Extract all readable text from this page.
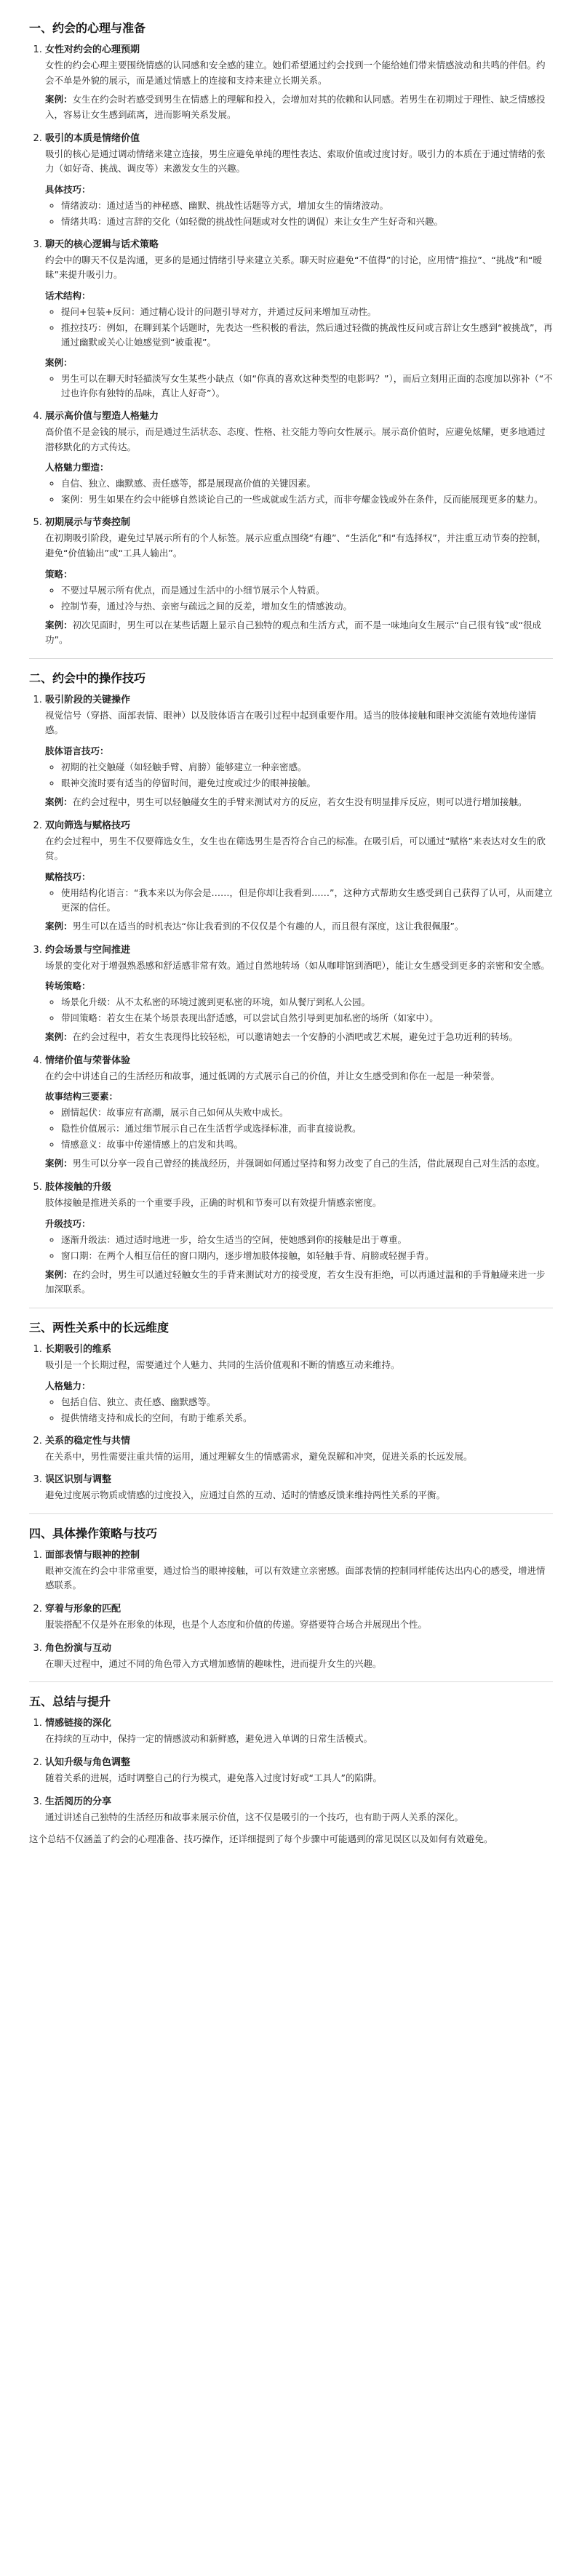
一、约会的心理与准备
1. 女性对约会的心理预期
女性的约会心理主要围绕情感的认同感和安全感的建立。她们希望通过约会找到一个能给她们带来情感波动和共鸣的伴侣。约会不单是外貌的展示，而是通过情感上的连接和支持来建立长期关系。
案例：女生在约会时若感受到男生在情感上的理解和投入，会增加对其的依赖和认同感。若男生在初期过于理性、缺乏情感投入，容易让女生感到疏离，进而影响关系发展。
2. 吸引的本质是情绪价值
吸引的核心是通过调动情绪来建立连接，男生应避免单纯的理性表达、索取价值或过度讨好。吸引力的本质在于通过情绪的张力（如好奇、挑战、调皮等）来激发女生的兴趣。
具体技巧：
◦ 情绪波动：通过适当的神秘感、幽默、挑战性话题等方式，增加女生的情绪波动。
◦ 情绪共鸣：通过言辞的交化（如轻微的挑战性问题或对女性的调侃）来让女生产生好奇和兴趣。
3. 聊天的核心逻辑与话术策略
约会中的聊天不仅是沟通，更多的是通过情绪引导来建立关系。聊天时应避免“不值得”的讨论，应用情“推拉”、“挑战”和“暧昧”来提升吸引力。
话术结构：
◦ 提问+包装+反问：通过精心设计的问题引导对方，并通过反问来增加互动性。
◦ 推拉技巧：例如，在聊到某个话题时，先表达一些积极的看法，然后通过轻微的挑战性反问或言辞让女生感到“被挑战”，再通过幽默或关心让她感觉到“被重视”。
案例：
◦ 男生可以在聊天时轻描淡写女生某些小缺点（如“你真的喜欢这种类型的电影吗？”），而后立刻用正面的态度加以弥补（“不过也许你有独特的品味，真让人好奇”）。
4. 展示高价值与塑造人格魅力
高价值不是金钱的展示，而是通过生活状态、态度、性格、社交能力等向女性展示。展示高价值时，应避免炫耀，更多地通过潜移默化的方式传达。
人格魅力塑造：
◦ 自信、独立、幽默感、责任感等，都是展现高价值的关键因素。
◦ 案例：男生如果在约会中能够自然谈论自己的一些成就或生活方式，而非夸耀金钱或外在条件，反而能展现更多的魅力。
5. 初期展示与节奏控制
在初期吸引阶段，避免过早展示所有的个人标签。展示应重点围绕“有趣”、“生活化”和“有选择权”，并注重互动节奏的控制，避免“价值输出”或“工具人输出”。
策略：
◦ 不要过早展示所有优点，而是通过生活中的小细节展示个人特质。
◦ 控制节奏，通过冷与热、亲密与疏远之间的反差，增加女生的情感波动。
案例：初次见面时，男生可以在某些话题上显示自己独特的观点和生活方式，而不是一味地向女生展示“自己很有钱”或“很成功”。
二、约会中的操作技巧
1. 吸引阶段的关键操作
视觉信号（穿搭、面部表情、眼神）以及肢体语言在吸引过程中起到重要作用。适当的肢体接触和眼神交流能有效地传递情感。
肢体语言技巧：
◦ 初期的社交触碰（如轻触手臂、肩膀）能够建立一种亲密感。
◦ 眼神交流时要有适当的停留时间，避免过度或过少的眼神接触。
案例：在约会过程中，男生可以轻触碰女生的手臂来测试对方的反应，若女生没有明显排斥反应，则可以进行增加接触。
2. 双向筛选与赋格技巧
在约会过程中，男生不仅要筛选女生，女生也在筛选男生是否符合自己的标准。在吸引后，可以通过“赋格”来表达对女生的欣赏。
赋格技巧：
◦ 使用结构化语言：“我本来以为你会是……，但是你却让我看到……”，这种方式帮助女生感受到自己获得了认可，从而建立更深的信任。
案例：男生可以在适当的时机表达“你让我看到的不仅仅是个有趣的人，而且很有深度，这让我很佩服”。
3. 约会场景与空间推进
场景的变化对于增强熟悉感和舒适感非常有效。通过自然地转场（如从咖啡馆到酒吧），能让女生感受到更多的亲密和安全感。
转场策略：
◦ 场景化升级：从不太私密的环境过渡到更私密的环境，如从餐厅到私人公园。
◦ 带回策略：若女生在某个场景表现出舒适感，可以尝试自然引导到更加私密的场所（如家中）。
案例：在约会过程中，若女生表现得比较轻松，可以邀请她去一个安静的小酒吧或艺术展，避免过于急功近利的转场。
4. 情绪价值与荣誉体验
在约会中讲述自己的生活经历和故事，通过低调的方式展示自己的价值，并让女生感受到和你在一起是一种荣誉。
故事结构三要素：
◦ 剧情起伏：故事应有高潮，展示自己如何从失败中成长。
◦ 隐性价值展示：通过细节展示自己在生活哲学或选择标准，而非直接说教。
◦ 情感意义：故事中传递情感上的启发和共鸣。
案例：男生可以分享一段自己曾经的挑战经历，并强调如何通过坚持和努力改变了自己的生活，借此展现自己对生活的态度。
5. 肢体接触的升级
肢体接触是推进关系的一个重要手段，正确的时机和节奏可以有效提升情感亲密度。
升级技巧：
◦ 逐渐升级法：通过适时地进一步，给女生适当的空间，使她感到你的接触是出于尊重。
◦ 窗口期：在两个人相互信任的窗口期内，逐步增加肢体接触，如轻触手背、肩膀或轻握手背。
案例：在约会时，男生可以通过轻触女生的手背来测试对方的接受度，若女生没有拒绝，可以再通过温和的手背触碰来进一步加深联系。
三、两性关系中的长远维度
1. 长期吸引的维系
吸引是一个长期过程，需要通过个人魅力、共同的生活价值观和不断的情感互动来维持。
人格魅力：
◦ 包括自信、独立、责任感、幽默感等。
◦ 提供情绪支持和成长的空间，有助于维系关系。
2. 关系的稳定性与共情
在关系中，男性需要注重共情的运用，通过理解女生的情感需求，避免误解和冲突，促进关系的长远发展。
3. 误区识别与调整
避免过度展示物质或情感的过度投入，应通过自然的互动、适时的情感反馈来维持两性关系的平衡。
四、具体操作策略与技巧
1. 面部表情与眼神的控制
眼神交流在约会中非常重要，通过恰当的眼神接触，可以有效建立亲密感。面部表情的控制同样能传达出内心的感受，增进情感联系。
2. 穿着与形象的匹配
服装搭配不仅是外在形象的体现，也是个人态度和价值的传递。穿搭要符合场合并展现出个性。
3. 角色扮演与互动
在聊天过程中，通过不同的角色带入方式增加感情的趣味性，进而提升女生的兴趣。
五、总结与提升
1. 情感链接的深化
在持续的互动中，保持一定的情感波动和新鲜感，避免进入单调的日常生活模式。
2. 认知升级与角色调整
随着关系的进展，适时调整自己的行为模式，避免落入过度讨好或“工具人”的陷阱。
3. 生活阅历的分享
通过讲述自己独特的生活经历和故事来展示价值，这不仅是吸引的一个技巧，也有助于两人关系的深化。
这个总结不仅涵盖了约会的心理准备、技巧操作，还详细提到了每个步骤中可能遇到的常见误区以及如何有效避免。
